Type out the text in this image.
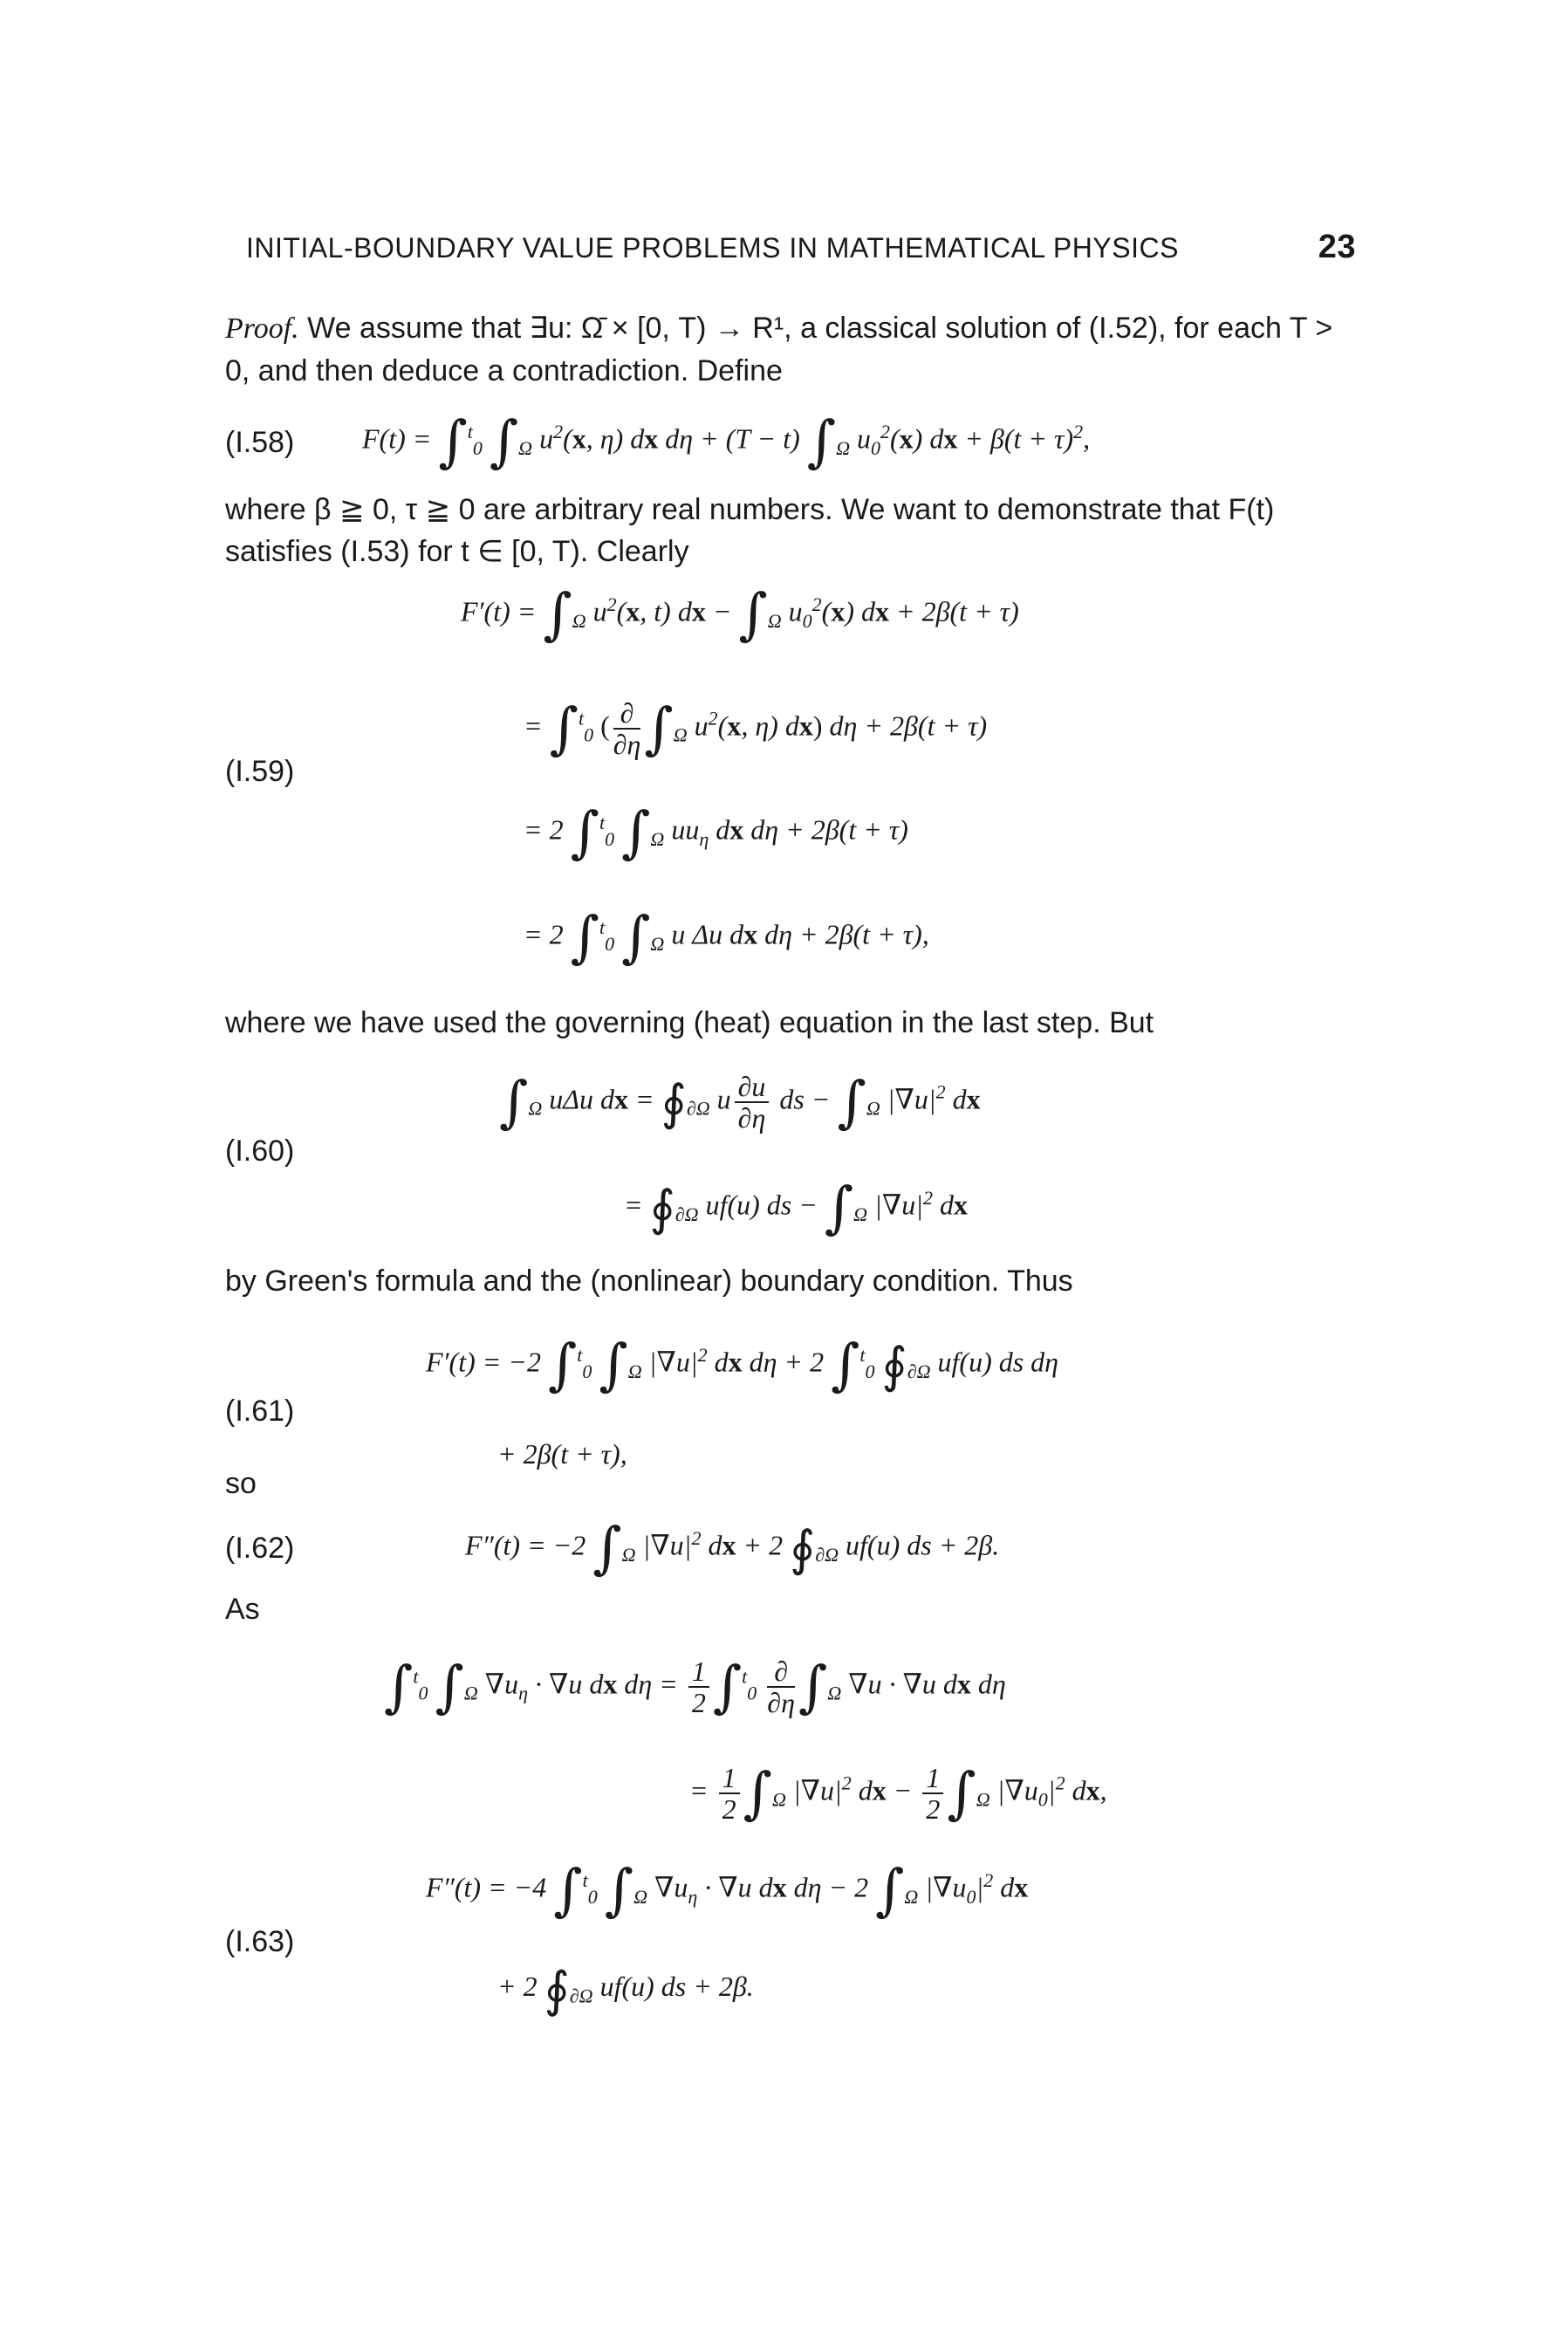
INITIAL-BOUNDARY VALUE PROBLEMS IN MATHEMATICAL PHYSICS	23
Proof. We assume that ∃u: Ω̄ × [0, T) → R¹, a classical solution of (I.52), for each T > 0, and then deduce a contradiction. Define
(I.58) F(t) = ∫$^t_0$ $\int_\Omega$ $u^2(x$, η) dx dη + (T − t) $\int_\Omega$ $u_0^2(x)$ dx + $\beta(t + \tau)^2$,
where β ≧ 0, τ ≧ 0 are arbitrary real numbers. We want to demonstrate that F(t) satisfies (I.53) for t ∈ [0, T). Clearly
(I.59)
$F'(t) = \int_\Omega$ $u^2(x$, t) dx − $\int_\Omega$ $u_0^2(x)$ dx + 2β(t + τ)
= ∫$^t_0$ ( $\frac{\partial}{\partial\eta} \int_\Omega$ $u^2(x$, η) dx) dη + 2β(t + τ)
= 2 ∫$^t_0$ $\int_\Omega$ $uu_\eta$ dx dη + 2β(t + τ)
= 2 ∫$^t_0$ $\int_\Omega$ u Δu dx dη + 2β(t + τ),
where we have used the governing (heat) equation in the last step. But
(I.60)
$\int_\Omega$ uΔu dx = $∮_{\partial\Omega}$ u $\frac{\partial u}{\partial\eta}$ ds − $\int_\Omega$ $|\nabla u|^2$ dx
= $∮_{\partial\Omega}$ uf(u) ds − $\int_\Omega$ $|\nabla u|^2$ dx
by Green's formula and the (nonlinear) boundary condition. Thus
(I.61)
F′(t) = −2 ∫$^t_0$ $\int_\Omega$ $|\nabla u|^2$ dx dη + 2 ∫$^t_0$ $∮_{\partial\Omega}$ uf(u) ds dη
+ 2β(t + τ),
so
(I.62)	F″(t) = −2 $\int_\Omega$ $|\nabla u|^2$ dx + 2 $∮_{\partial\Omega}$ uf(u) ds + 2β.
As
∫$^t_0$ $\int_\Omega$ $\nabla u_\eta \cdot \nabla u$ dx $d\eta = \frac{1}{2} \int^t_0 \frac{\partial}{\partial\eta} \int_\Omega$ ∇u · ∇u dx dη
= $\frac{1}{2} \int_\Omega$ $|\nabla u|^2$ dx − $\frac{1}{2} \int_\Omega$ $|\nabla u_0|^2$ dx,
(I.63)
F″(t) = −4 ∫$^t_0$ $\int_\Omega$ $\nabla u_\eta \cdot \nabla u$ dx dη − 2 $\int_\Omega$ $|\nabla u_0|^2$ dx
+ 2 $∮_{\partial\Omega}$ uf(u) ds + 2β.
